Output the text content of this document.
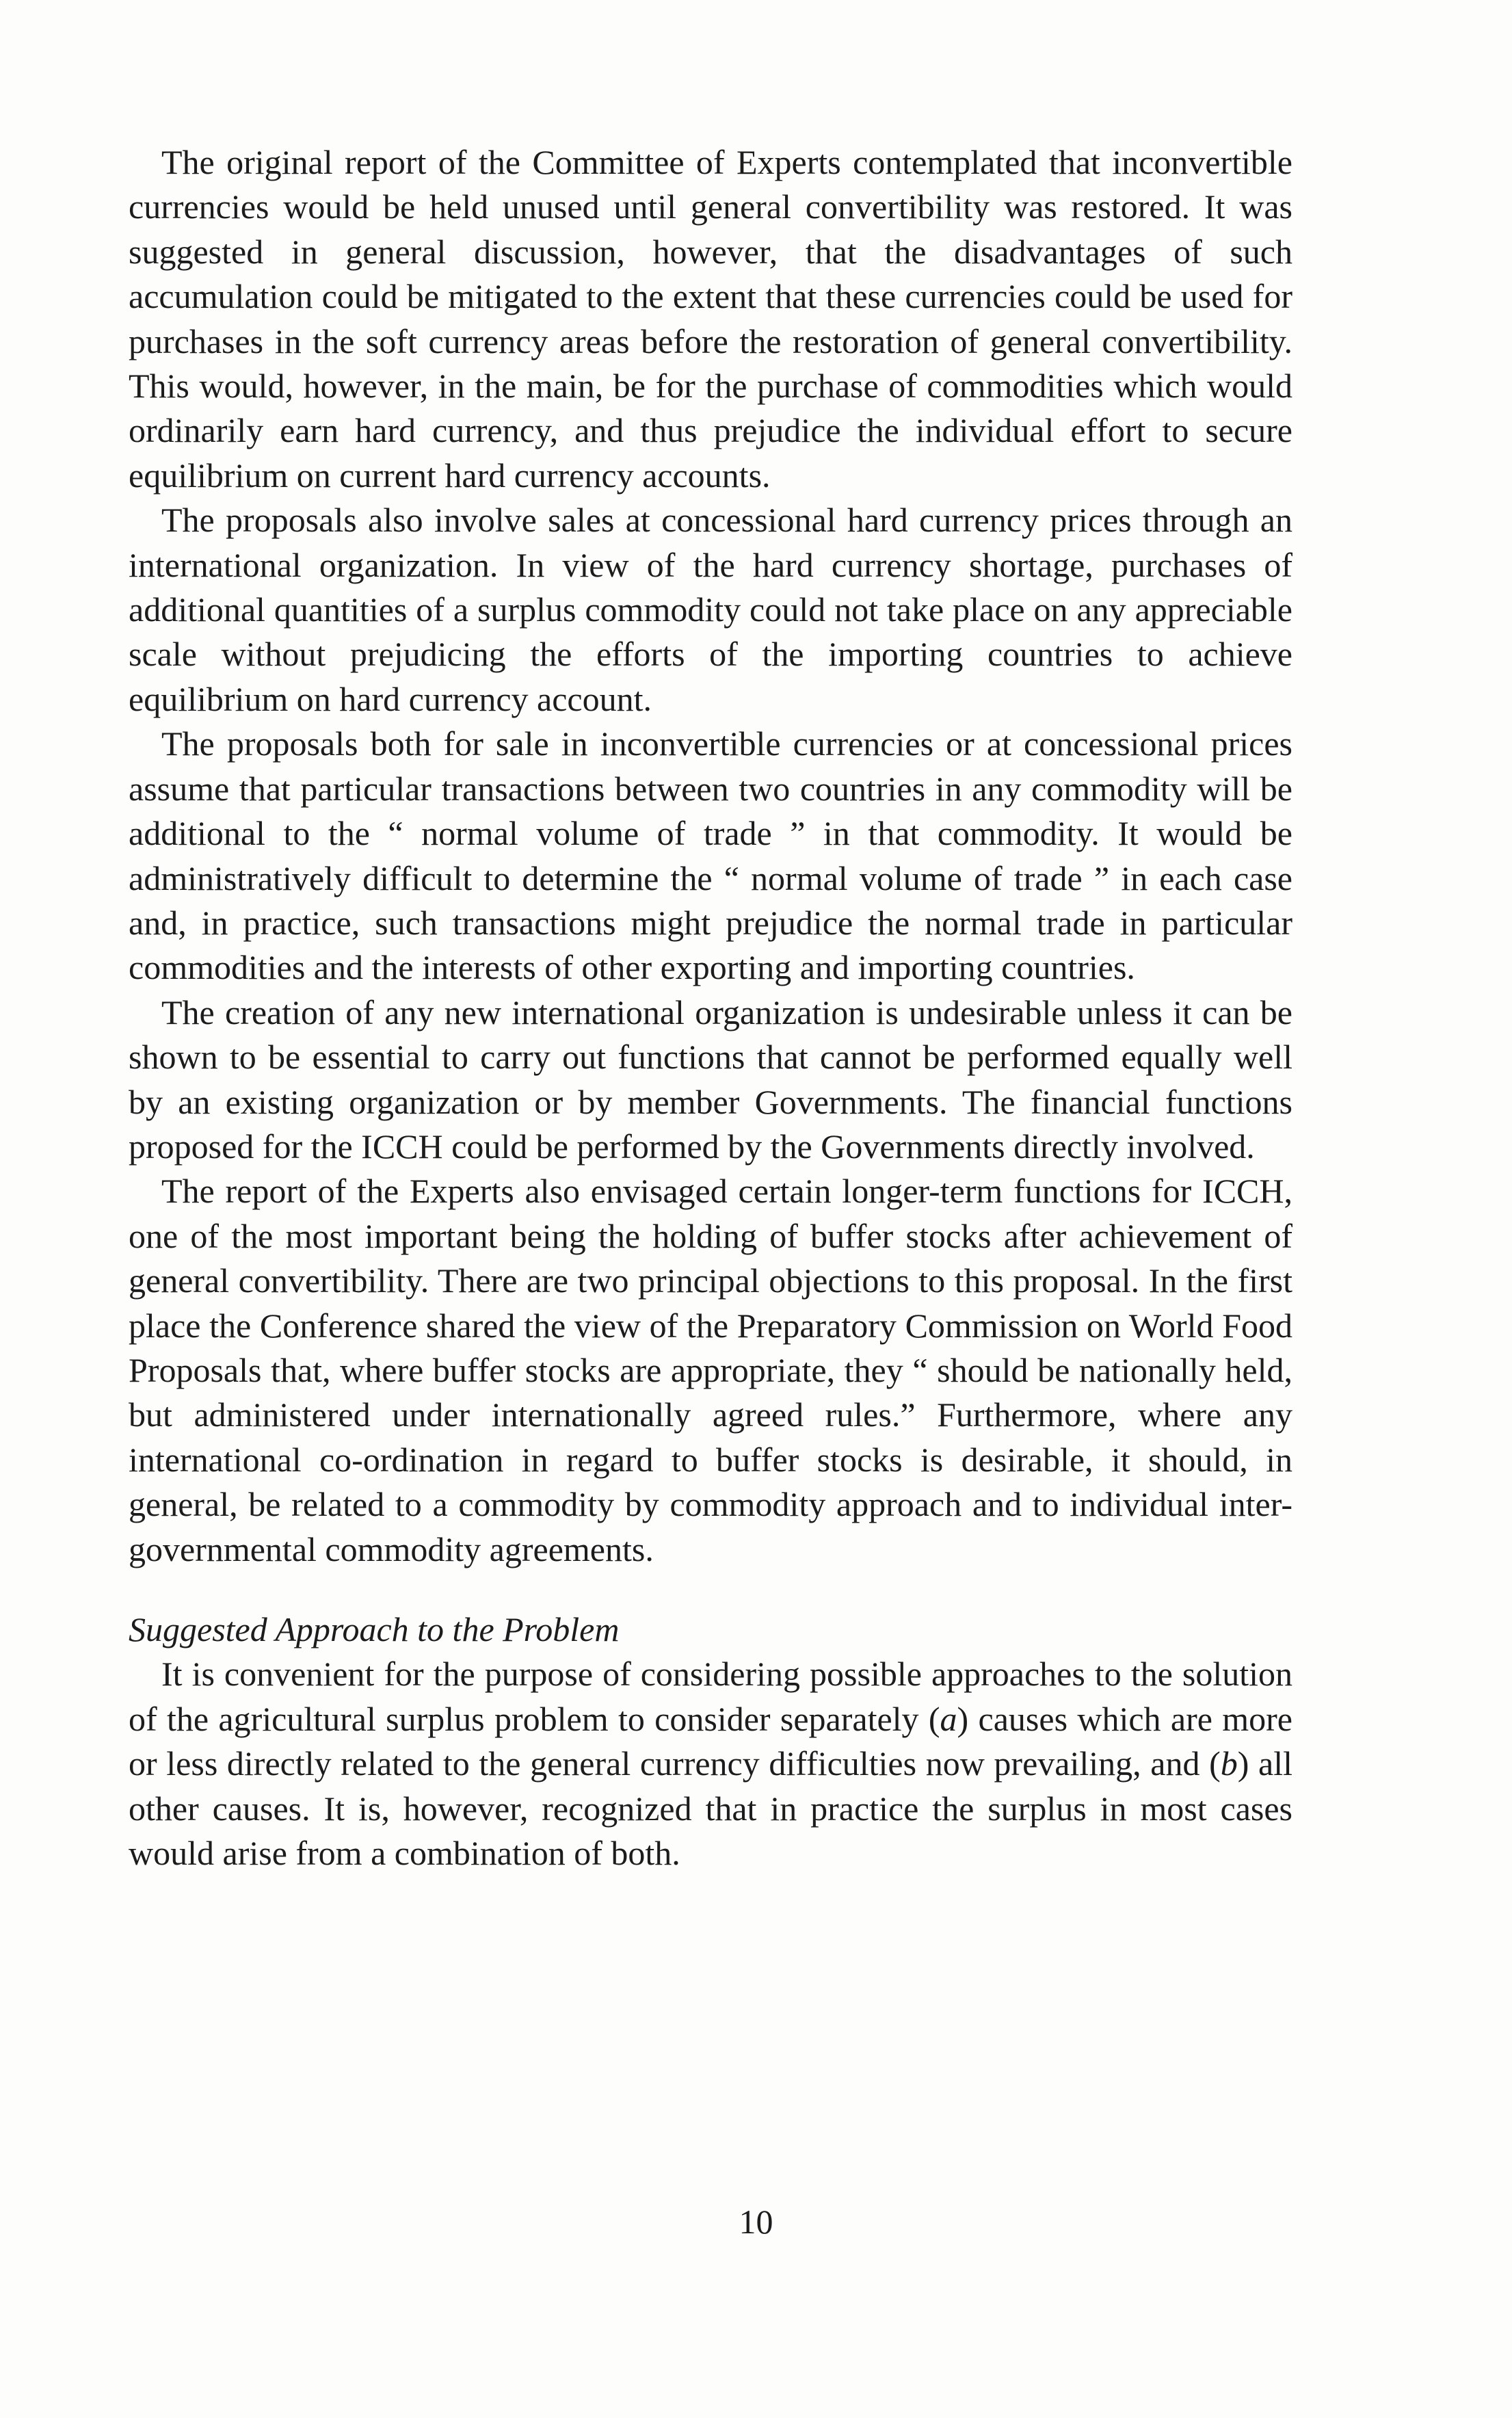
The original report of the Committee of Experts contemplated that inconvertible currencies would be held unused until general convertibility was restored. It was suggested in general discussion, however, that the disadvantages of such accumulation could be mitigated to the extent that these currencies could be used for purchases in the soft currency areas before the restoration of general convertibility. This would, however, in the main, be for the purchase of commodities which would ordinarily earn hard currency, and thus prejudice the individual effort to secure equilibrium on current hard currency accounts.

The proposals also involve sales at concessional hard currency prices through an international organization. In view of the hard currency shortage, purchases of additional quantities of a surplus commodity could not take place on any appreciable scale without prejudicing the efforts of the importing countries to achieve equilibrium on hard currency account.

The proposals both for sale in inconvertible currencies or at concessional prices assume that particular transactions between two countries in any commodity will be additional to the “ normal volume of trade ” in that commodity. It would be administratively difficult to determine the “ normal volume of trade ” in each case and, in practice, such transactions might prejudice the normal trade in particular commodities and the interests of other exporting and importing countries.

The creation of any new international organization is undesirable unless it can be shown to be essential to carry out functions that cannot be performed equally well by an existing organization or by member Governments. The financial functions proposed for the ICCH could be performed by the Governments directly involved.

The report of the Experts also envisaged certain longer-term functions for ICCH, one of the most important being the holding of buffer stocks after achievement of general convertibility. There are two principal objections to this proposal. In the first place the Conference shared the view of the Preparatory Commission on World Food Proposals that, where buffer stocks are appropriate, they “ should be nationally held, but administered under internationally agreed rules.” Furthermore, where any international co-ordination in regard to buffer stocks is desirable, it should, in general, be related to a commodity by commodity approach and to individual inter-governmental commodity agreements.

Suggested Approach to the Problem

It is convenient for the purpose of considering possible approaches to the solution of the agricultural surplus problem to consider separately (a) causes which are more or less directly related to the general currency difficulties now prevailing, and (b) all other causes. It is, however, recognized that in practice the surplus in most cases would arise from a combination of both.

10
